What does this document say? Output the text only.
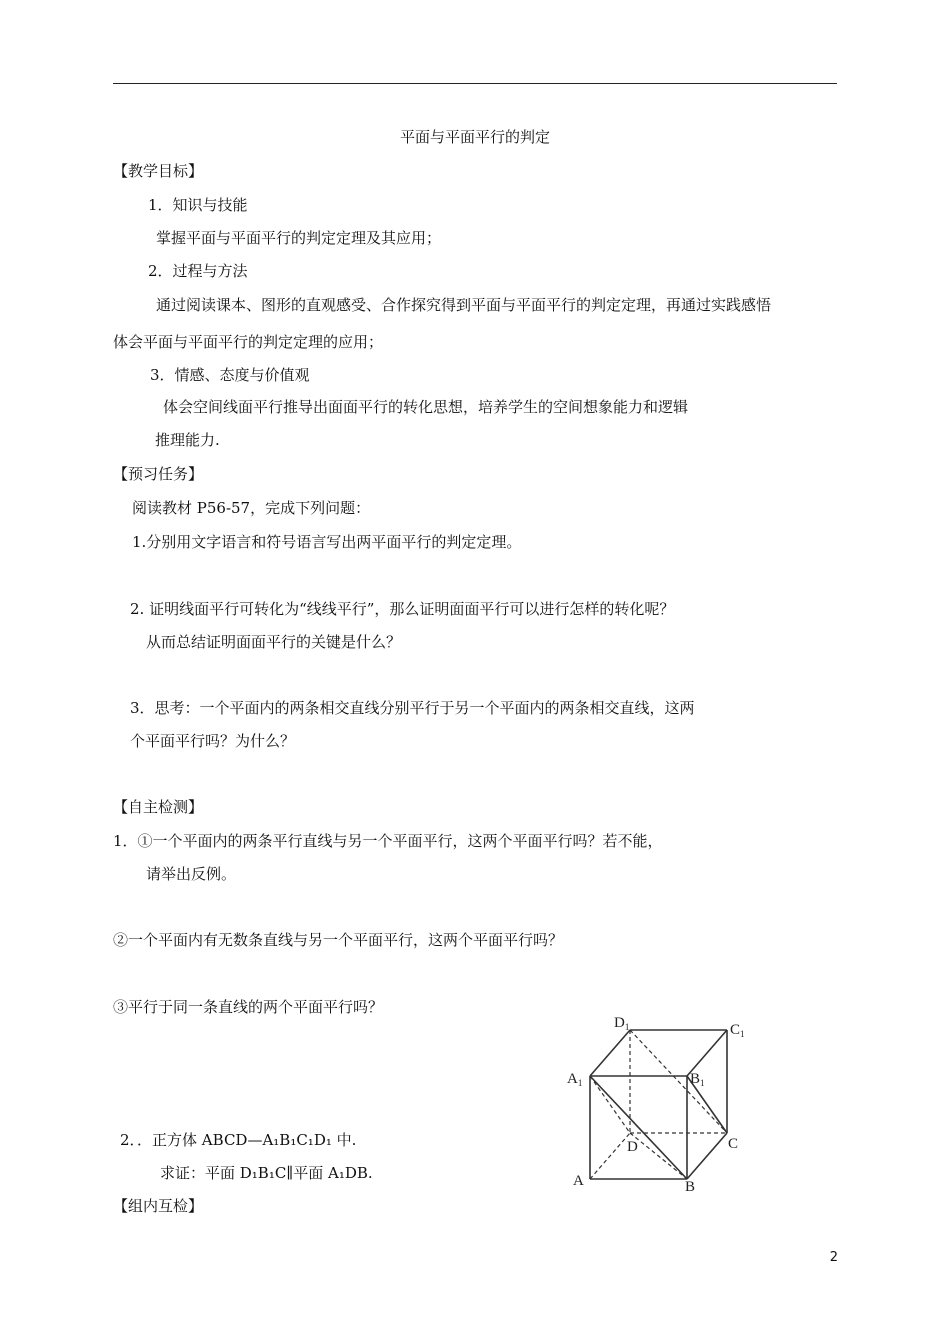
平面与平面平行的判定
【教学目标】
1．知识与技能
掌握平面与平面平行的判定定理及其应用；
2．过程与方法
通过阅读课本、图形的直观感受、合作探究得到平面与平面平行的判定定理，再通过实践感悟
体会平面与平面平行的判定定理的应用；
3．情感、态度与价值观
体会空间线面平行推导出面面平行的转化思想，培养学生的空间想象能力和逻辑
推理能力.
【预习任务】
阅读教材 P56-57，完成下列问题：
1.分别用文字语言和符号语言写出两平面平行的判定定理。
2. 证明线面平行可转化为“线线平行”，那么证明面面平行可以进行怎样的转化呢？
从而总结证明面面平行的关键是什么？
3．思考：一个平面内的两条相交直线分别平行于另一个平面内的两条相交直线，这两
个平面平行吗？为什么？
【自主检测】
1．①一个平面内的两条平行直线与另一个平面平行，这两个平面平行吗？若不能，
请举出反例。
②一个平面内有无数条直线与另一个平面平行，这两个平面平行吗？
③平行于同一条直线的两个平面平行吗？
2．．正方体 ABCD—A₁B₁C₁D₁ 中.
求证：平面 D₁B₁C∥平面 A₁DB.
【组内互检】
$D_1$	$C_1$
$A_1$	$B_1$
D	C
A	B
2
